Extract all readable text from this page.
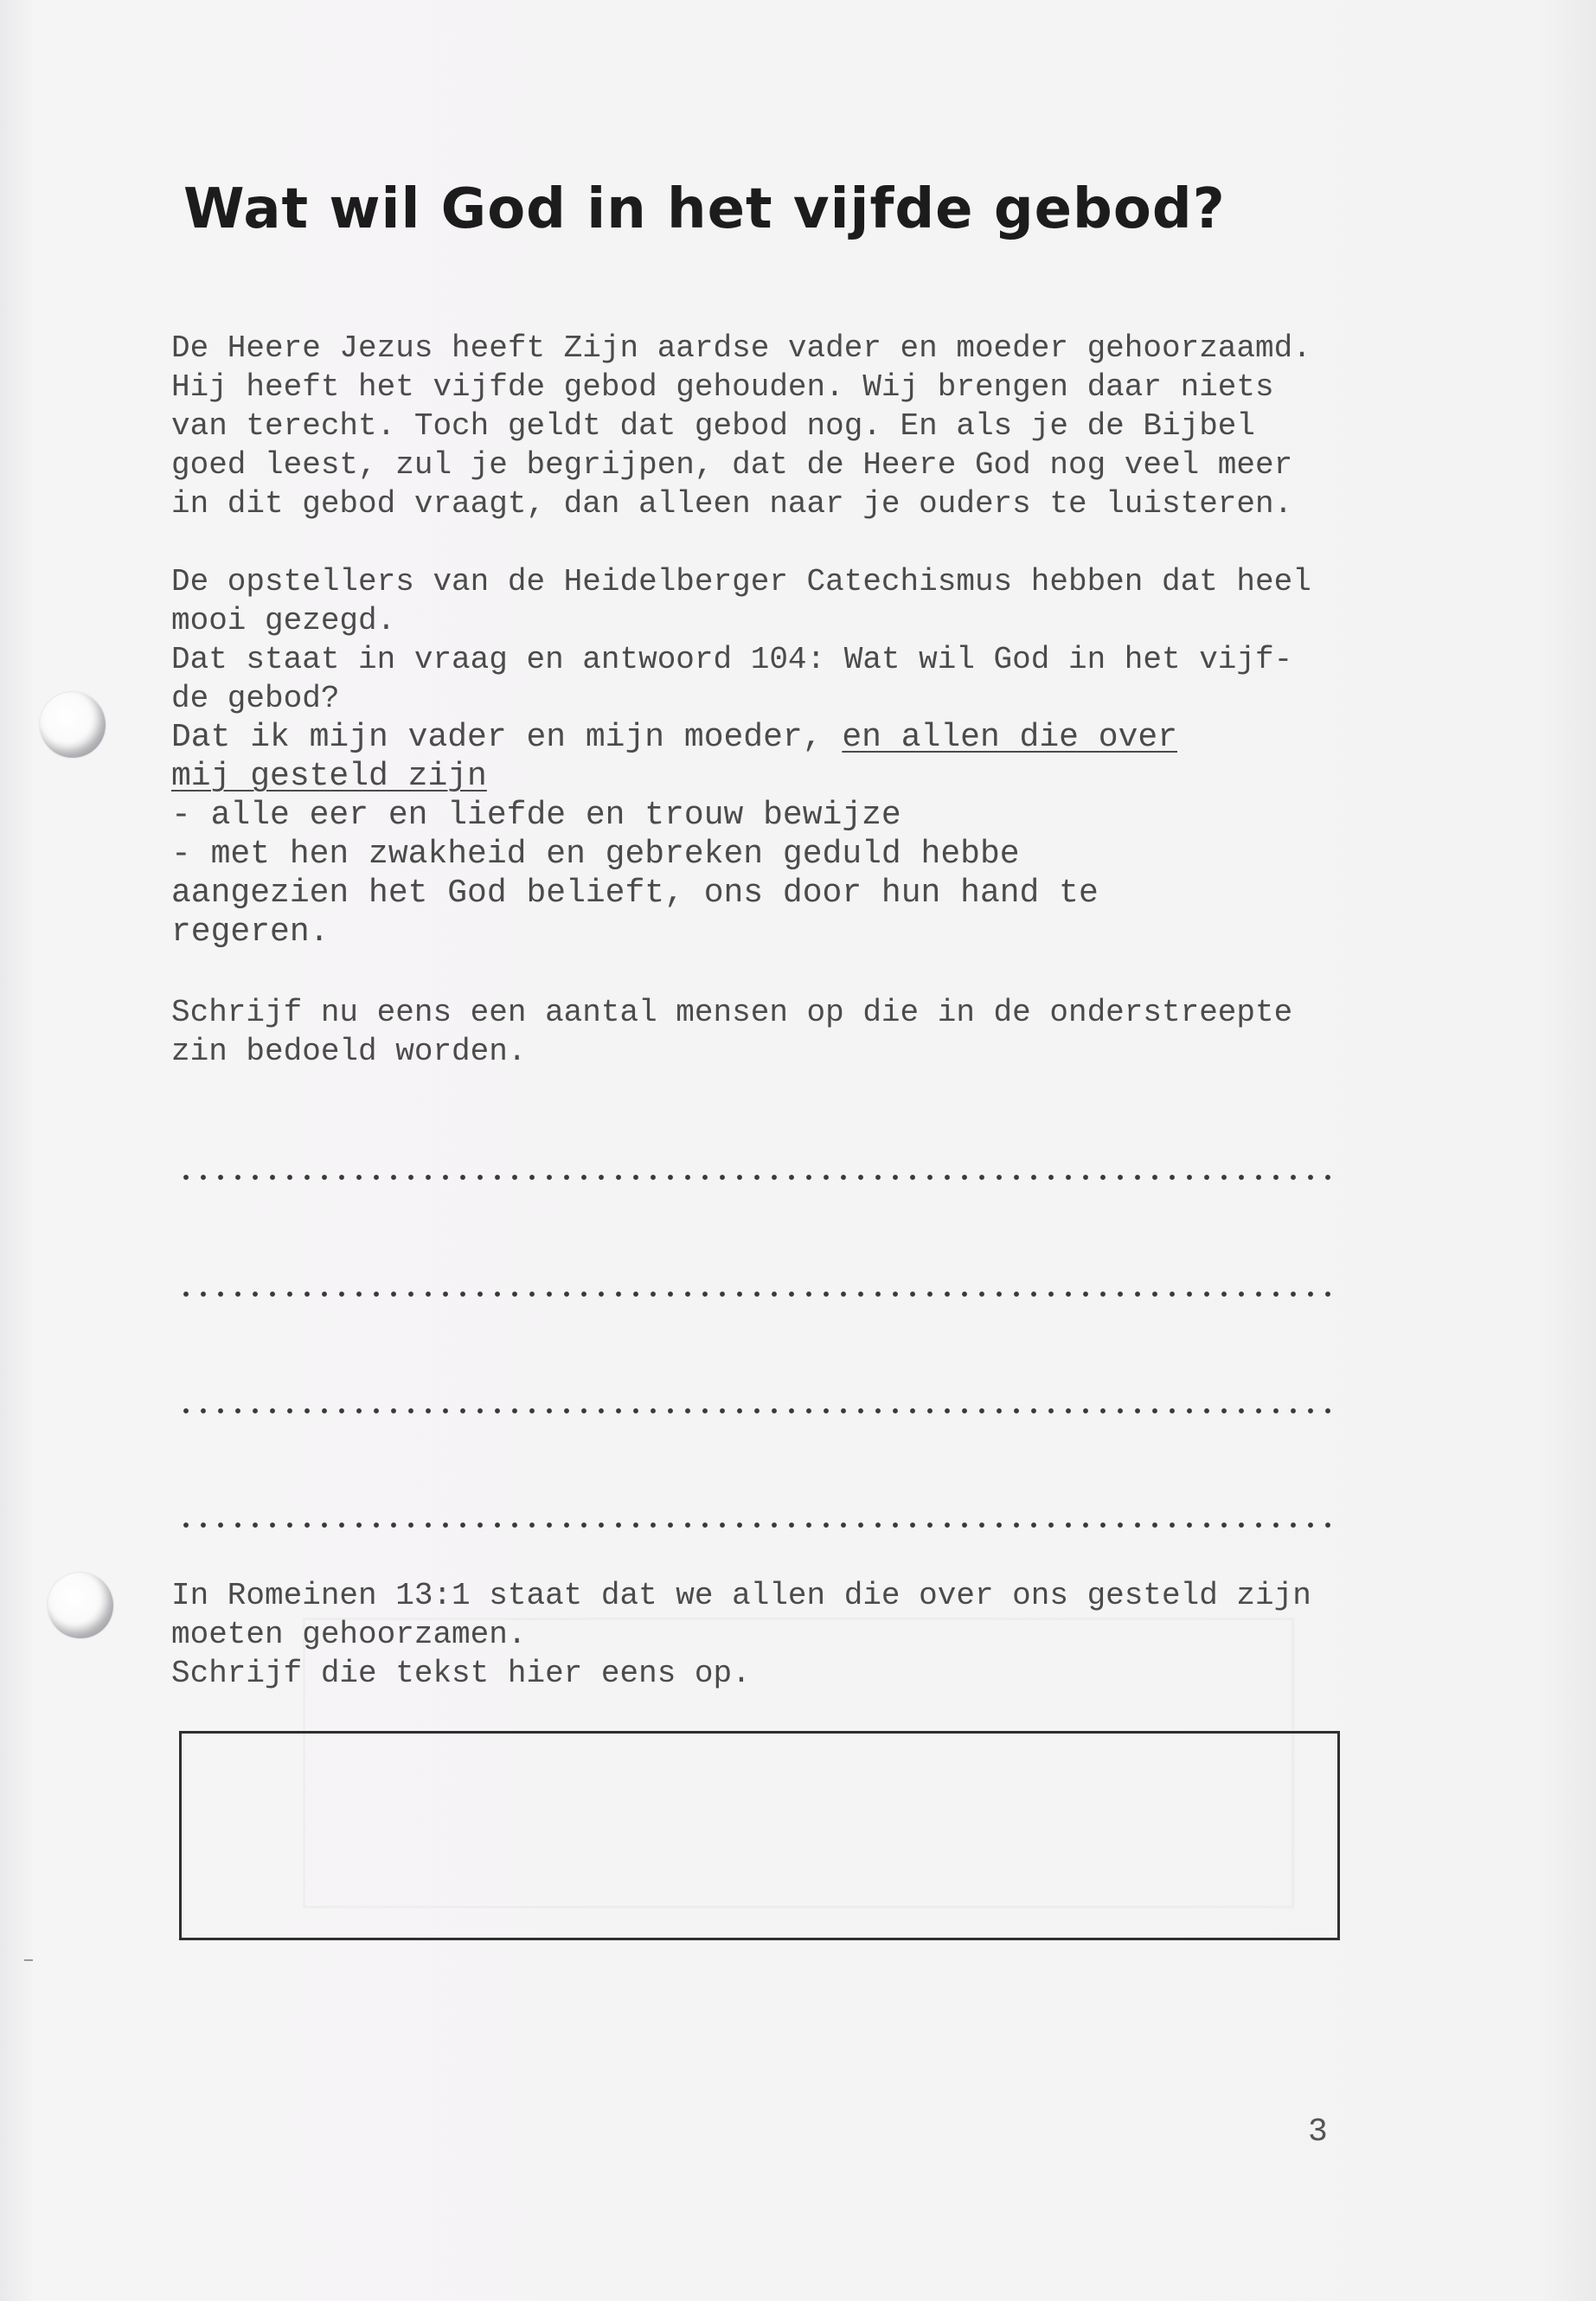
Wat wil God in het vijfde gebod?
De Heere Jezus heeft Zijn aardse vader en moeder gehoorzaamd.
Hij heeft het vijfde gebod gehouden. Wij brengen daar niets
van terecht. Toch geldt dat gebod nog. En als je de Bijbel
goed leest, zul je begrijpen, dat de Heere God nog veel meer
in dit gebod vraagt, dan alleen naar je ouders te luisteren.
De opstellers van de Heidelberger Catechismus hebben dat heel
mooi gezegd.
Dat staat in vraag en antwoord 104: Wat wil God in het vijf-
de gebod?
Dat ik mijn vader en mijn moeder, en allen die over
mij gesteld zijn
- alle eer en liefde en trouw bewijze
- met hen zwakheid en gebreken geduld hebbe
aangezien het God belieft, ons door hun hand te
regeren.
Schrijf nu eens een aantal mensen op die in de onderstreepte
zin bedoeld worden.
In Romeinen 13:1 staat dat we allen die over ons gesteld zijn
moeten gehoorzamen.
Schrijf die tekst hier eens op.
3
